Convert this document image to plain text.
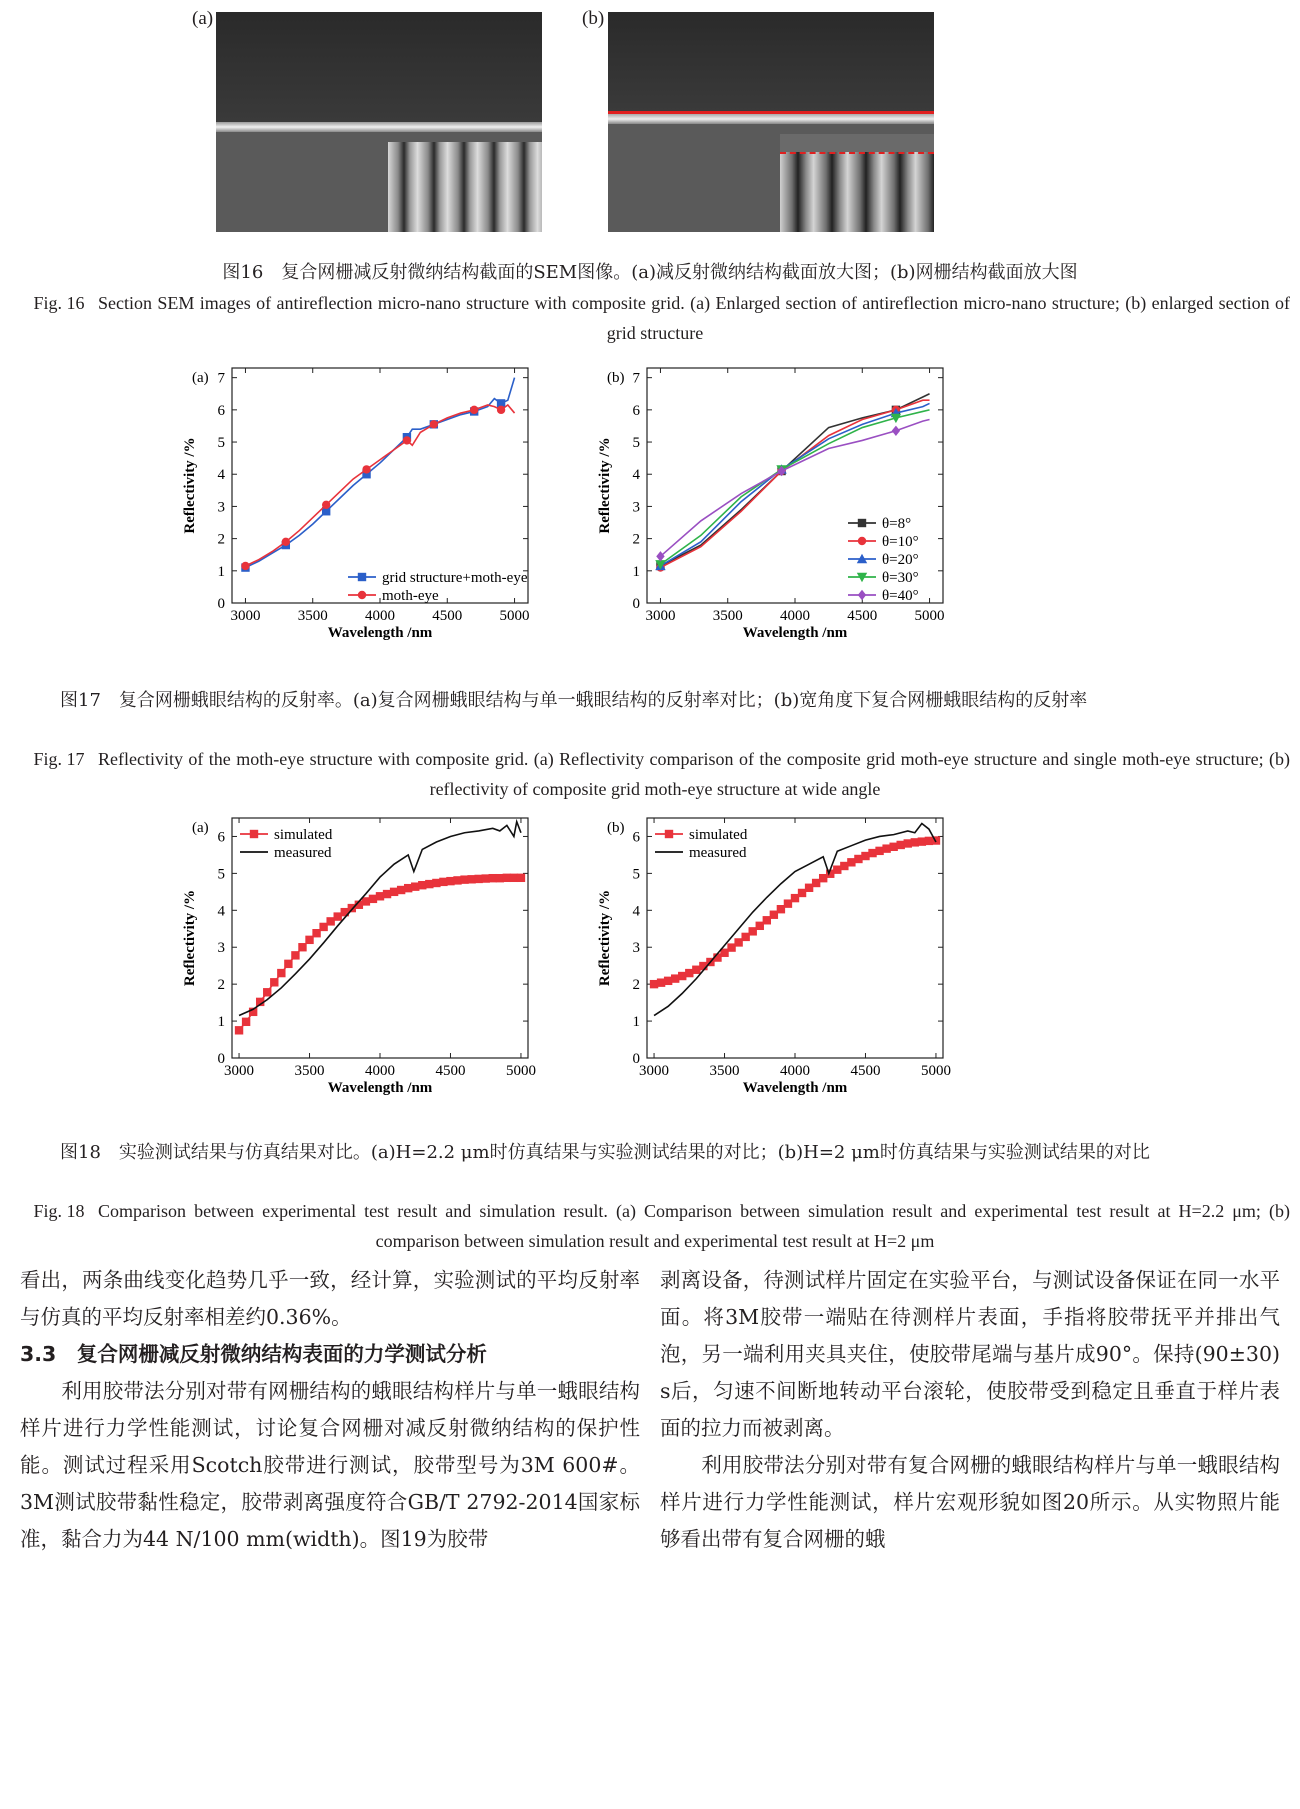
(a)	(b)
图16　复合网栅减反射微纳结构截面的SEM图像。(a)减反射微纳结构截面放大图；(b)网栅结构截面放大图
Fig. 16 Section SEM images of antireflection micro-nano structure with composite grid. (a) Enlarged section of antireflection micro-nano structure; (b) enlarged section of grid structure
(a)
3000 3500 4000 4500 5000
0
1
2
3
4
5
6
7
Wavelength /nm
Reflectivity /%
grid structure+moth-eye
moth-eye
(b)
3000 3500 4000 4500 5000
0
1
2
3
4
5
6
7
Wavelength /nm
Reflectivity /%	θ=8°
θ=10°
θ=20°
θ=30°
θ=40°
图17　复合网栅蛾眼结构的反射率。(a)复合网栅蛾眼结构与单一蛾眼结构的反射率对比；(b)宽角度下复合网栅蛾眼结构的反射率
Fig. 17 Reflectivity of the moth-eye structure with composite grid. (a) Reflectivity comparison of the composite grid moth-eye structure and single moth-eye structure; (b) reflectivity of composite grid moth-eye structure at wide angle
(a)
3000	3500	4000	4500	5000
0
1
2
3
4
5
6
Wavelength /nm
Reflectivity /%
simulated
measured
(b)
3000	3500	4000	4500	5000
0
1
2
3
4
5
6
Wavelength /nm
Reflectivity /%
simulated
measured
图18　实验测试结果与仿真结果对比。(a)H=2.2 μm时仿真结果与实验测试结果的对比；(b)H=2 μm时仿真结果与实验测试结果的对比
Fig. 18 Comparison between experimental test result and simulation result. (a) Comparison between simulation result and experimental test result at H=2.2 μm; (b) comparison between simulation result and experimental test result at H=2 μm

看出，两条曲线变化趋势几乎一致，经计算，实验测试的平均反射率与仿真的平均反射率相差约0.36%。

3.3　复合网栅减反射微纳结构表面的力学测试分析

　　利用胶带法分别对带有网栅结构的蛾眼结构样片与单一蛾眼结构样片进行力学性能测试，讨论复合网栅对减反射微纳结构的保护性能。测试过程采用Scotch胶带进行测试，胶带型号为3M 600#。3M测试胶带黏性稳定，胶带剥离强度符合GB/T 2792-2014国家标准，黏合力为44 N/100 mm(width)。图19为胶带

剥离设备，待测试样片固定在实验平台，与测试设备保证在同一水平面。将3M胶带一端贴在待测样片表面，手指将胶带抚平并排出气泡，另一端利用夹具夹住，使胶带尾端与基片成90°。保持(90±30) s后，匀速不间断地转动平台滚轮，使胶带受到稳定且垂直于样片表面的拉力而被剥离。

　　利用胶带法分别对带有复合网栅的蛾眼结构样片与单一蛾眼结构样片进行力学性能测试，样片宏观形貌如图20所示。从实物照片能够看出带有复合网栅的蛾
